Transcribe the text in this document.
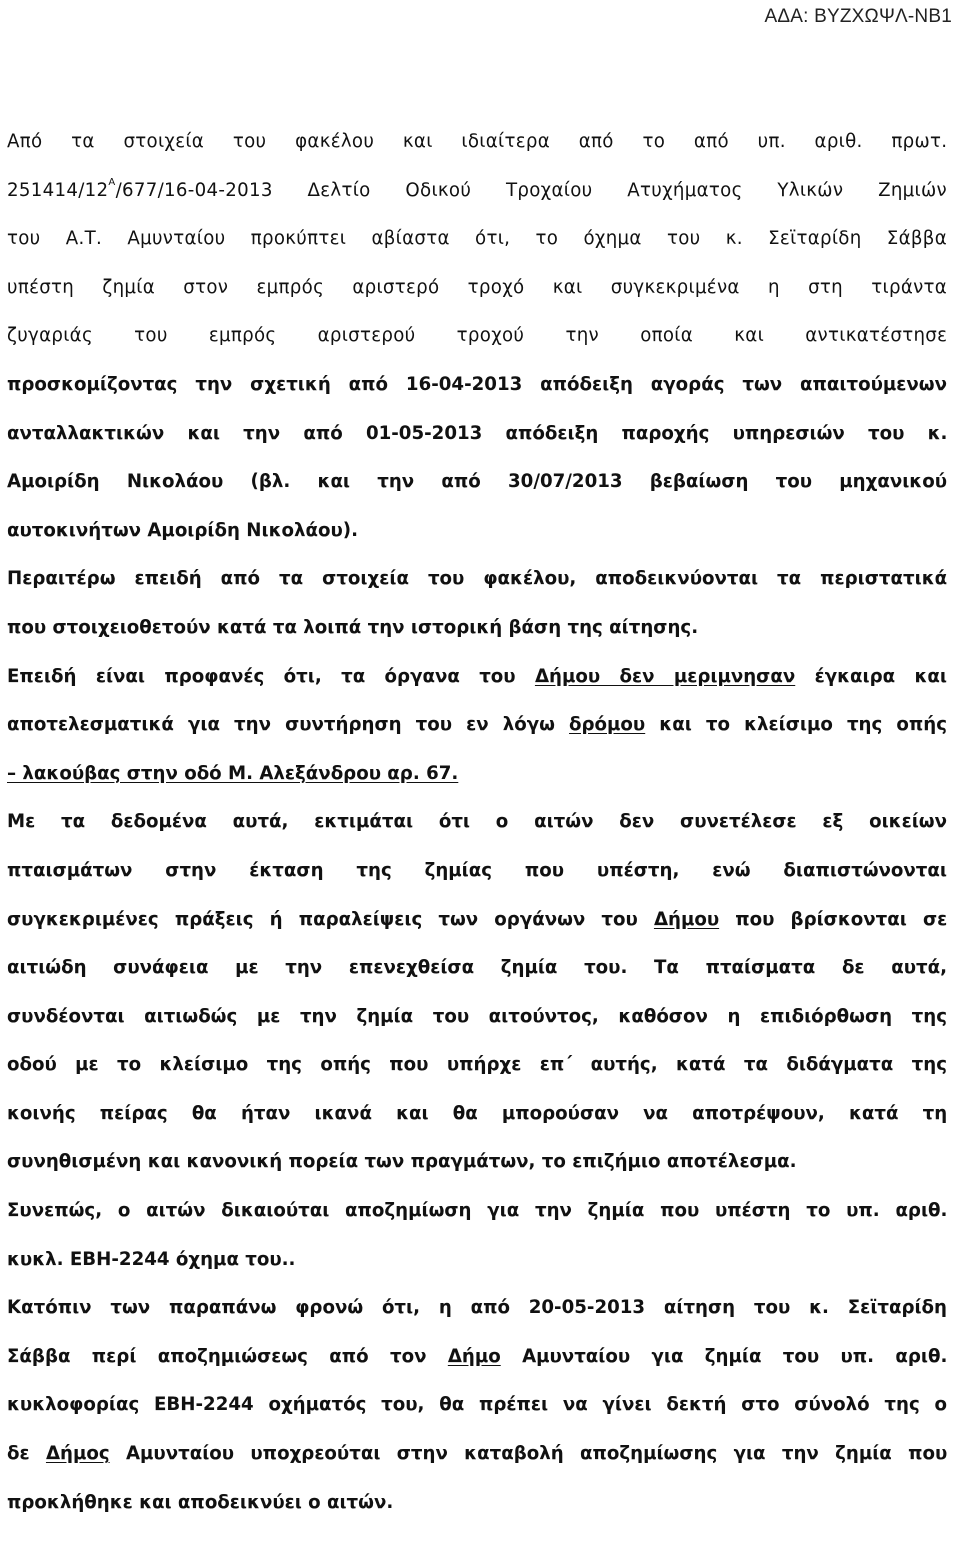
ΑΔΑ: ΒΥΖΧΩΨΛ-ΝΒ1
Από τα στοιχεία του φακέλου και ιδιαίτερα από το από υπ. αριθ. πρωτ.
$251414/12^A/677/16-04-2013$ Δελτίο Οδικού Τροχαίου Ατυχήματος Υλικών Ζημιών
του Α.Τ. Αμυνταίου προκύπτει αβίαστα ότι, το όχημα του κ. Σεϊταρίδη Σάββα
υπέστη ζημία στον εμπρός αριστερό τροχό και συγκεκριμένα η στη τιράντα
ζυγαριάς του εμπρός αριστερού τροχού την οποία και αντικατέστησε
προσκομίζοντας την σχετική από 16-04-2013 απόδειξη αγοράς των απαιτούμενων
ανταλλακτικών και την από 01-05-2013 απόδειξη παροχής υπηρεσιών του κ.
Αμοιρίδη Νικολάου (βλ. και την από 30/07/2013 βεβαίωση του μηχανικού
αυτοκινήτων Αμοιρίδη Νικολάου).
Περαιτέρω επειδή από τα στοιχεία του φακέλου, αποδεικνύονται τα περιστατικά
που στοιχειοθετούν κατά τα λοιπά την ιστορική βάση της αίτησης.
Επειδή είναι προφανές ότι, τα όργανα του Δήμου δεν μεριμνησαν έγκαιρα και
αποτελεσματικά για την συντήρηση του εν λόγω δρόμου και το κλείσιμο της οπής
– λακούβας στην οδό Μ. Αλεξάνδρου αρ. 67.
Με τα δεδομένα αυτά, εκτιμάται ότι ο αιτών δεν συνετέλεσε εξ οικείων
πταισμάτων στην έκταση της ζημίας που υπέστη, ενώ διαπιστώνονται
συγκεκριμένες πράξεις ή παραλείψεις των οργάνων του Δήμου που βρίσκονται σε
αιτιώδη συνάφεια με την επενεχθείσα ζημία του. Τα πταίσματα δε αυτά,
συνδέονται αιτιωδώς με την ζημία του αιτούντος, καθόσον η επιδιόρθωση της
οδού με το κλείσιμο της οπής που υπήρχε επ΄ αυτής, κατά τα διδάγματα της
κοινής πείρας θα ήταν ικανά και θα μπορούσαν να αποτρέψουν, κατά τη
συνηθισμένη και κανονική πορεία των πραγμάτων, το επιζήμιο αποτέλεσμα.
Συνεπώς, ο αιτών δικαιούται αποζημίωση για την ζημία που υπέστη το υπ. αριθ.
κυκλ. ΕΒΗ-2244 όχημα του..
Κατόπιν των παραπάνω φρονώ ότι, η από 20-05-2013 αίτηση του κ. Σεϊταρίδη
Σάββα περί αποζημιώσεως από τον Δήμο Αμυνταίου για ζημία του υπ. αριθ.
κυκλοφορίας ΕΒΗ-2244 οχήματός του, θα πρέπει να γίνει δεκτή στο σύνολό της ο
δε Δήμος Αμυνταίου υποχρεούται στην καταβολή αποζημίωσης για την ζημία που
προκλήθηκε και αποδεικνύει ο αιτών.
